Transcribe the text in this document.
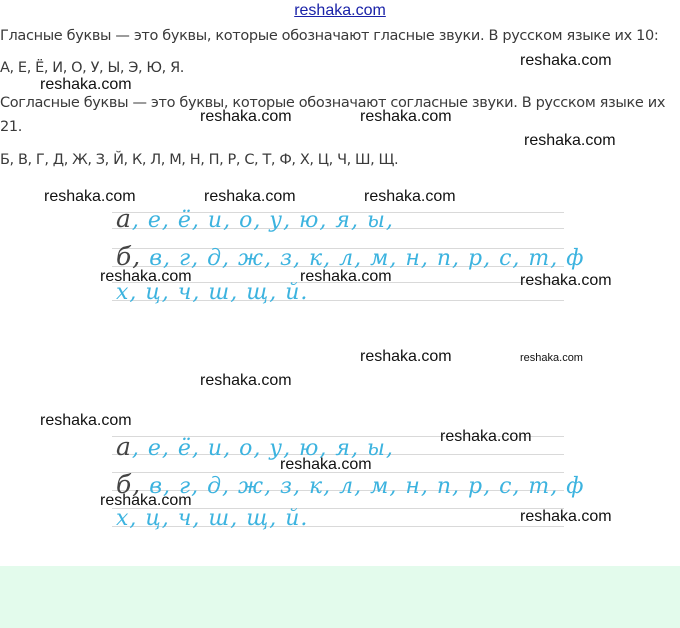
reshaka.com
Гласные буквы — это буквы, которые обозначают гласные звуки. В русском языке их 10:
А, Е, Ё, И, О, У, Ы, Э, Ю, Я.
Согласные буквы — это буквы, которые обозначают согласные звуки. В русском языке их 21.
Б, В, Г, Д, Ж, З, Й, К, Л, М, Н, П, Р, С, Т, Ф, Х, Ц, Ч, Ш, Щ.
а, е, ё, и, о, у, ю, я, ы,
б, в, г, д, ж, з, к, л, м, н, п, р, с, т, ф
х, ц, ч, ш, щ, й.
а, е, ё, и, о, у, ю, я, ы,
б, в, г, д, ж, з, к, л, м, н, п, р, с, т, ф
х, ц, ч, ш, щ, й.
reshaka.com
reshaka.com
reshaka.com	reshaka.com
reshaka.com
reshaka.com	reshaka.com	reshaka.com
reshaka.com	reshaka.com	reshaka.com
reshaka.com	reshaka.com
reshaka.com
reshaka.com
reshaka.com
reshaka.com
reshaka.com
reshaka.com
